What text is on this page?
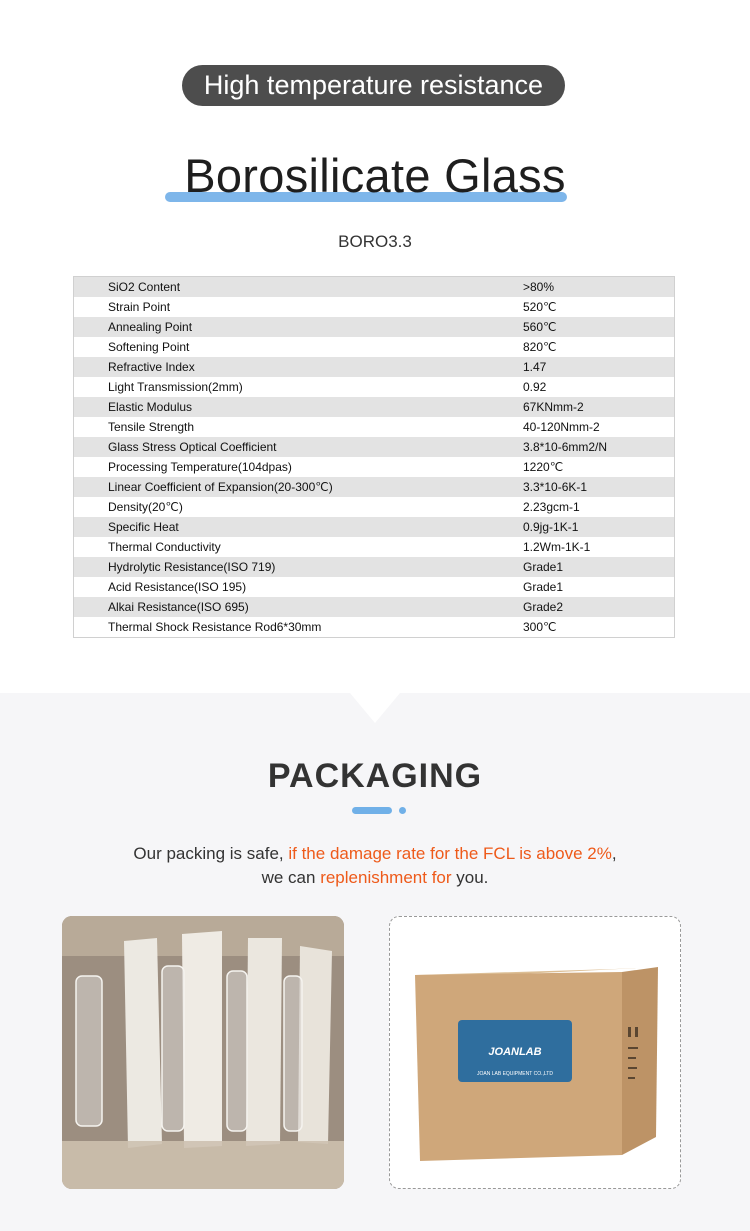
High temperature resistance
Borosilicate Glass
BORO3.3
SiO2 Content	>80%
Strain Point	520℃
Annealing Point	560℃
Softening Point	820℃
Refractive Index	1.47
Light Transmission(2mm)	0.92
Elastic Modulus	67KNmm-2
Tensile Strength	40-120Nmm-2
Glass Stress Optical Coefficient	3.8*10-6mm2/N
Processing Temperature(104dpas)	1220℃
Linear Coefficient of Expansion(20-300℃)	3.3*10-6K-1
Density(20℃)	2.23gcm-1
Specific Heat	0.9jg-1K-1
Thermal Conductivity	1.2Wm-1K-1
Hydrolytic Resistance(ISO 719)	Grade1
Acid Resistance(ISO 195)	Grade1
Alkai Resistance(ISO 695)	Grade2
Thermal Shock Resistance Rod6*30mm	300℃
PACKAGING
Our packing is safe, if the damage rate for the FCL is above 2%,
we can replenishment for you.
JOANLAB
JOAN LAB EQUIPMENT CO.,LTD
